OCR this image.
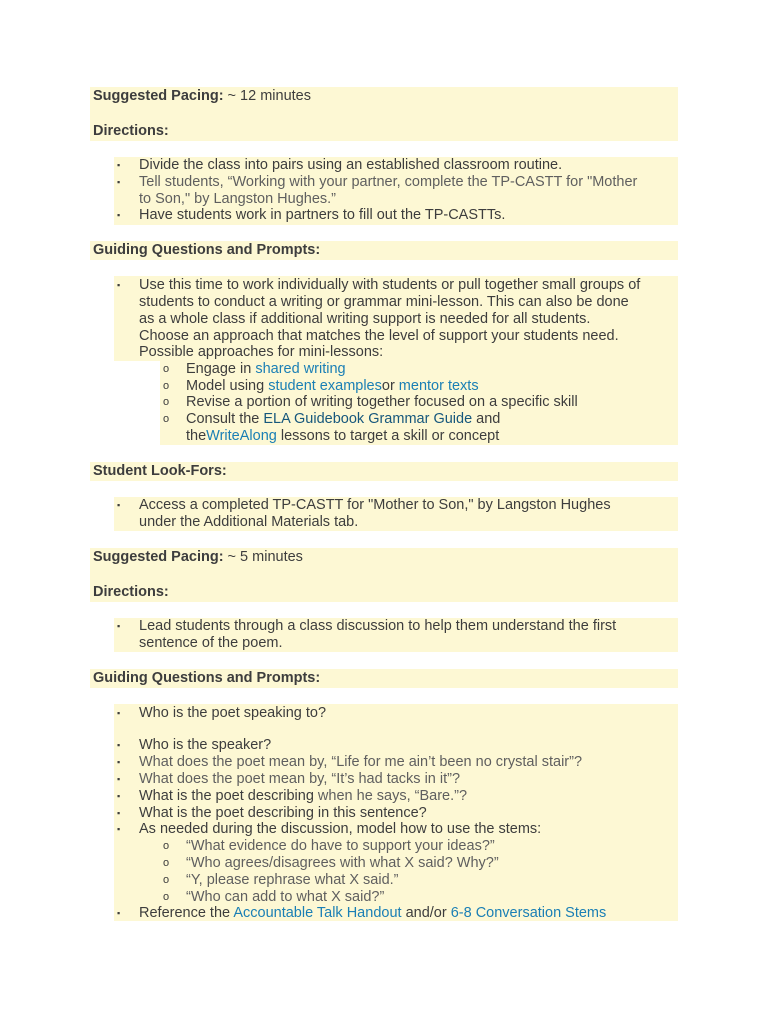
Suggested Pacing: ~ 12 minutes
Directions:
▪ Divide the class into pairs using an established classroom routine.
▪ Tell students, “Working with your partner, complete the TP-CASTT for "Mother
to Son," by Langston Hughes.”
▪ Have students work in partners to fill out the TP-CASTTs.
Guiding Questions and Prompts:
▪ Use this time to work individually with students or pull together small groups of
students to conduct a writing or grammar mini-lesson. This can also be done
as a whole class if additional writing support is needed for all students.
Choose an approach that matches the level of support your students need.
Possible approaches for mini-lessons:
o Engage in shared writing
o Model using student examplesor mentor texts
o Revise a portion of writing together focused on a specific skill
o Consult the ELA Guidebook Grammar Guide and
theWriteAlong lessons to target a skill or concept
Student Look-Fors:
▪ Access a completed TP-CASTT for "Mother to Son," by Langston Hughes
under the Additional Materials tab.
Suggested Pacing: ~ 5 minutes
Directions:
▪ Lead students through a class discussion to help them understand the first
sentence of the poem.
Guiding Questions and Prompts:
▪ Who is the poet speaking to?
▪ Who is the speaker?
▪ What does the poet mean by, “Life for me ain’t been no crystal stair”?
▪ What does the poet mean by, “It’s had tacks in it”?
▪ What is the poet describing when he says, “Bare.”?
▪ What is the poet describing in this sentence?
▪ As needed during the discussion, model how to use the stems:
o “What evidence do have to support your ideas?”
o “Who agrees/disagrees with what X said? Why?”
o “Y, please rephrase what X said.”
o “Who can add to what X said?”
▪ Reference the Accountable Talk Handout and/or 6-8 Conversation Stems
